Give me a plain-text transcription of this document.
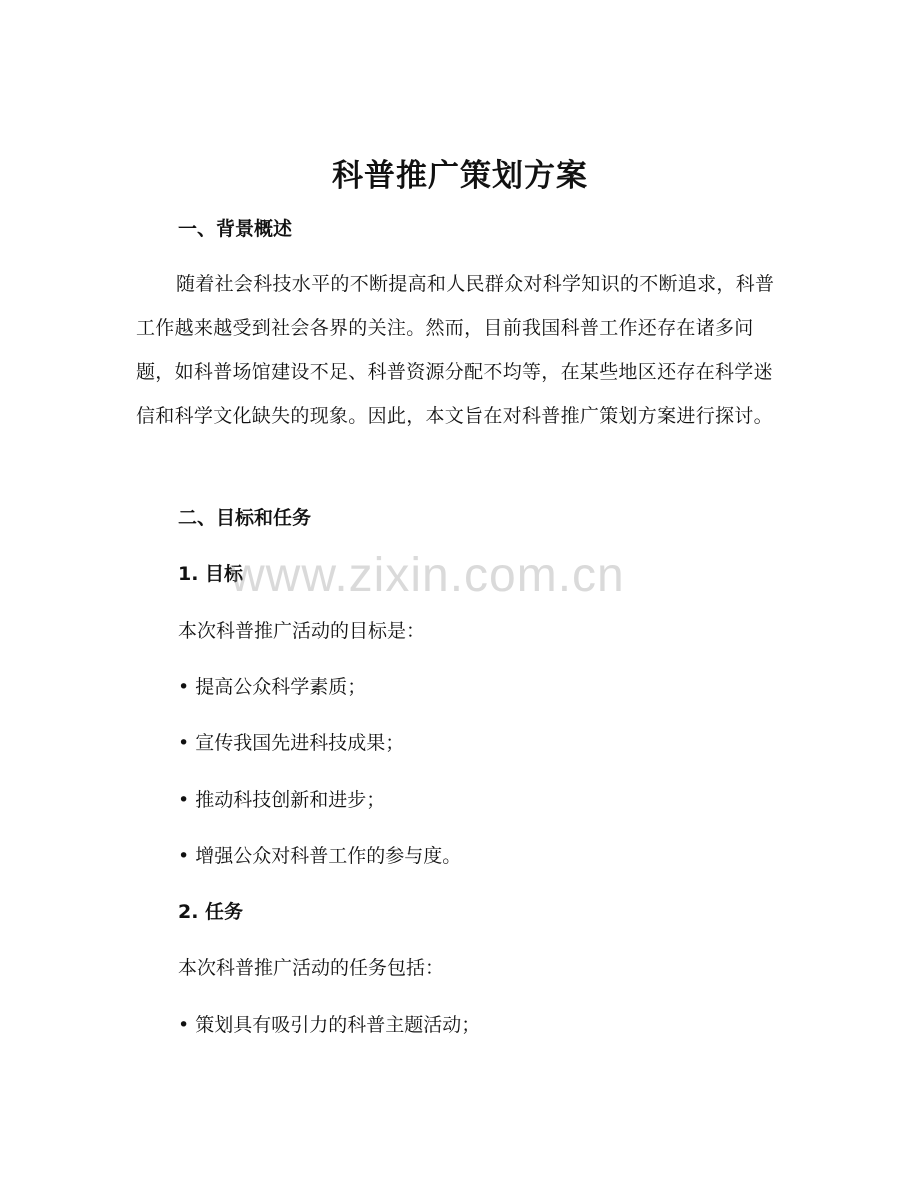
科普推广策划方案
一、背景概述
随着社会科技水平的不断提高和人民群众对科学知识的不断追求，科普工作越来越受到社会各界的关注。然而，目前我国科普工作还存在诸多问题，如科普场馆建设不足、科普资源分配不均等，在某些地区还存在科学迷信和科学文化缺失的现象。因此，本文旨在对科普推广策划方案进行探讨。
二、目标和任务
1. 目标
本次科普推广活动的目标是：
• 提高公众科学素质；
• 宣传我国先进科技成果；
• 推动科技创新和进步；
• 增强公众对科普工作的参与度。
2. 任务
本次科普推广活动的任务包括：
• 策划具有吸引力的科普主题活动；
www.zixin.com.cn
